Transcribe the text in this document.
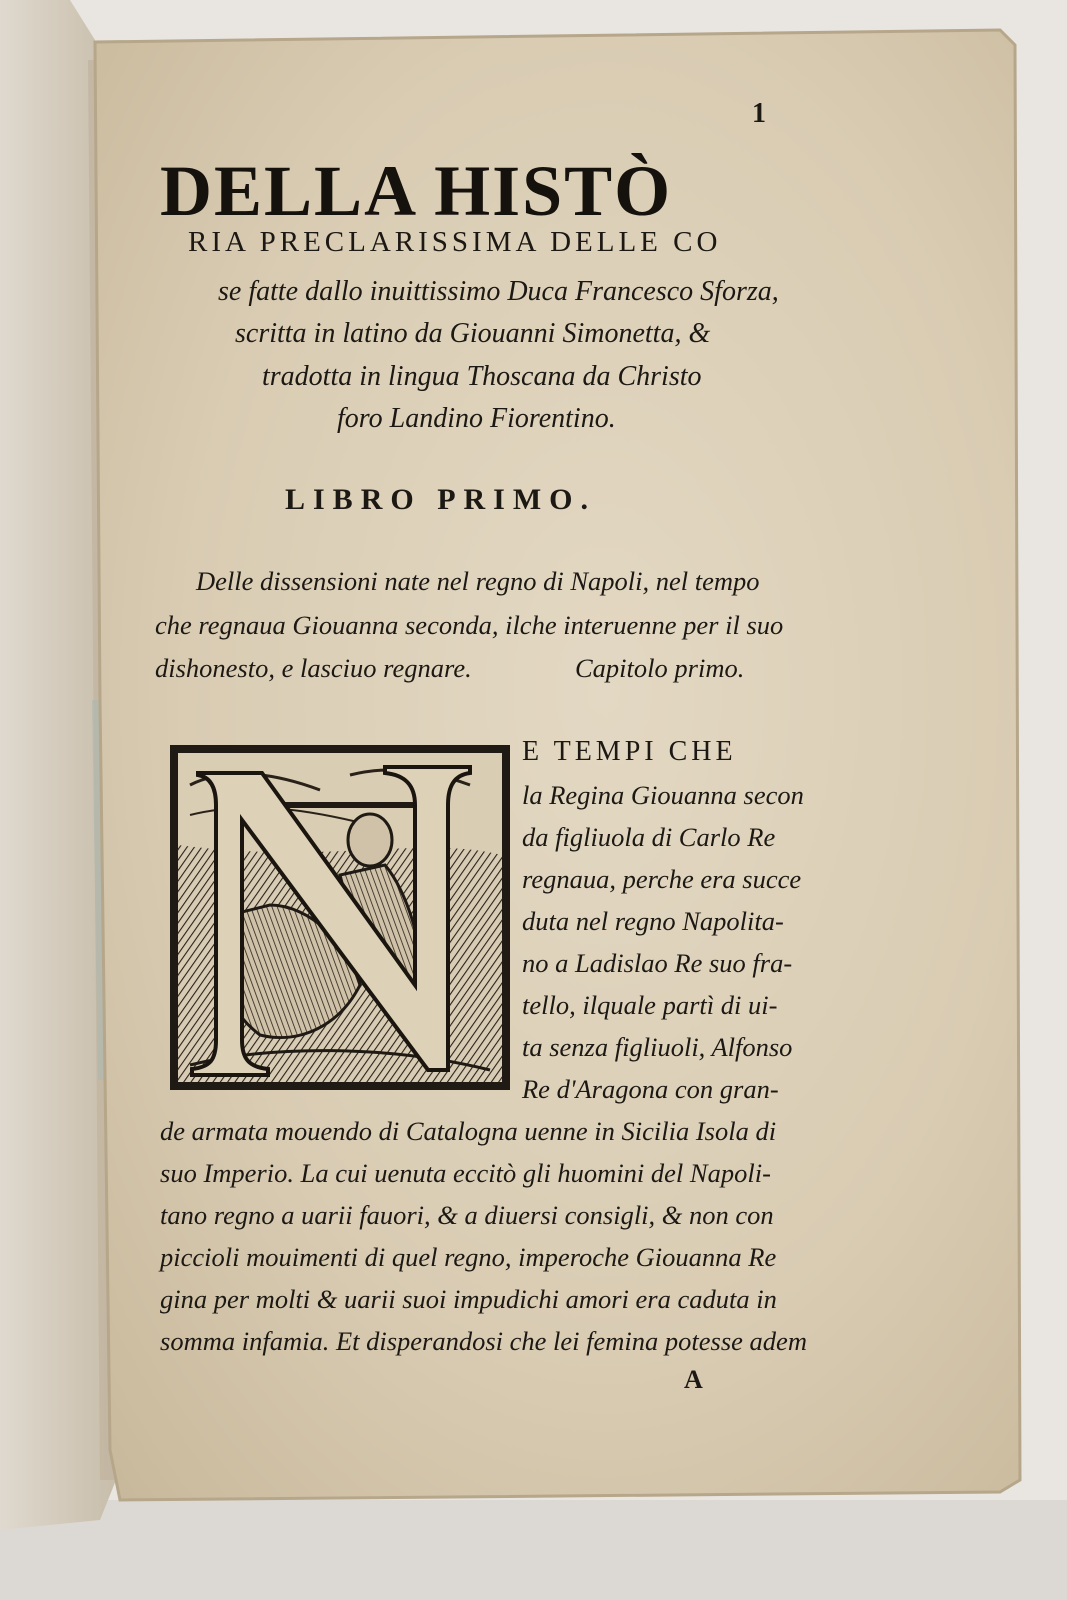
1

DELLA HISTÒ

RIA PRECLARISSIMA DELLE CO

se fatte dallo inuittissimo Duca Francesco Sforza,

scritta in latino da Giouanni Simonetta, &

tradotta in lingua Thoscana da Christo

foro Landino Fiorentino.

LIBRO PRIMO.

Delle dissensioni nate nel regno di Napoli, nel tempo

che regnaua Giouanna seconda, ilche interuenne per il suo

dishonesto, e lasciuo regnare.	Capitolo primo.

E TEMPI CHE

la Regina Giouanna secon

da figliuola di Carlo Re

regnaua, perche era succe

duta nel regno Napolita-

no a Ladislao Re suo fra-

tello, ilquale partì di ui-

ta senza figliuoli, Alfonso

Re d'Aragona con gran-

de armata mouendo di Catalogna uenne in Sicilia Isola di

suo Imperio. La cui uenuta eccitò gli huomini del Napoli-

tano regno a uarii fauori, & a diuersi consigli, & non con

piccioli mouimenti di quel regno, imperoche Giouanna Re

gina per molti & uarii suoi impudichi amori era caduta in

somma infamia. Et disperandosi che lei femina potesse adem

A
